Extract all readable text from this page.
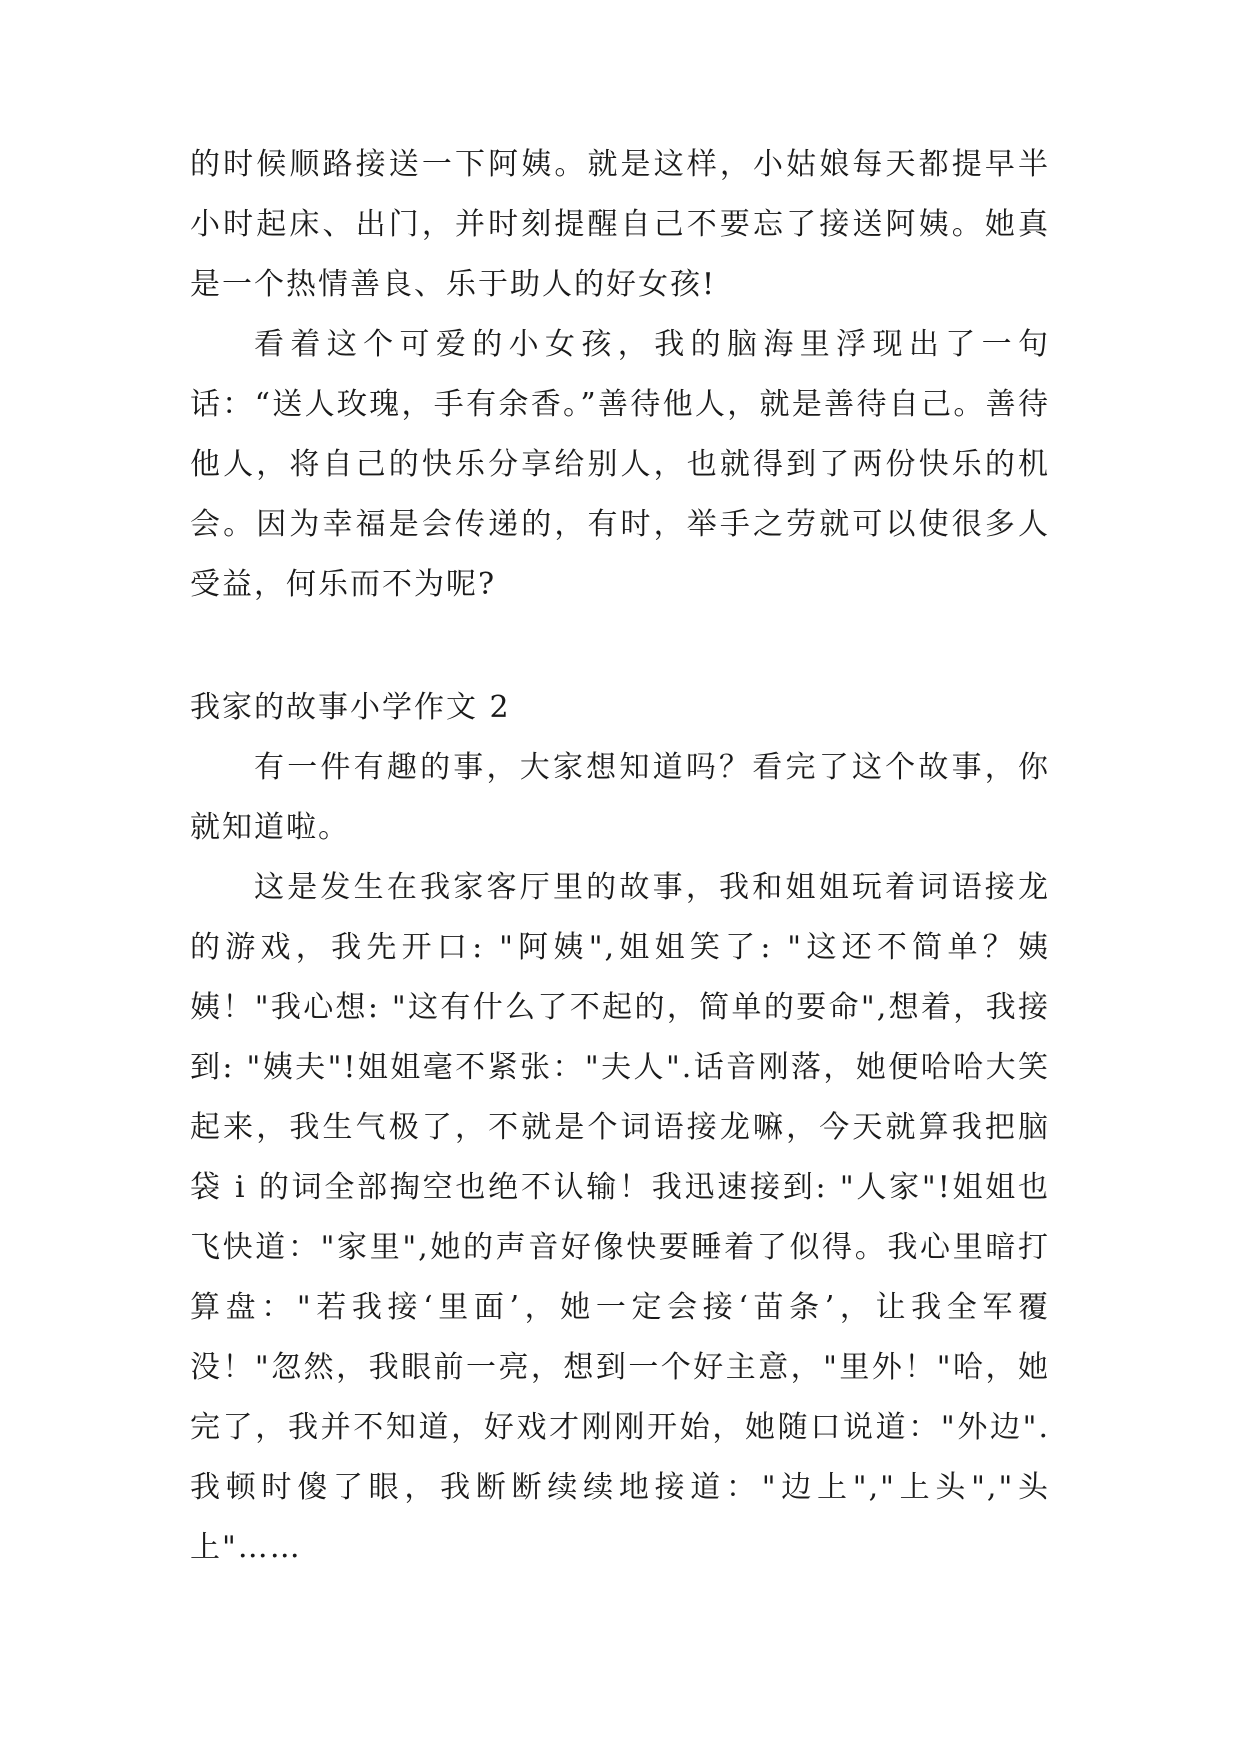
的时候顺路接送一下阿姨。就是这样，小姑娘每天都提早半小时起床、出门，并时刻提醒自己不要忘了接送阿姨。她真是一个热情善良、乐于助人的好女孩!

看着这个可爱的小女孩，我的脑海里浮现出了一句话：“送人玫瑰，手有余香。”善待他人，就是善待自己。善待他人，将自己的快乐分享给别人，也就得到了两份快乐的机会。因为幸福是会传递的，有时，举手之劳就可以使很多人受益，何乐而不为呢?

我家的故事小学作文 2

有一件有趣的事，大家想知道吗？看完了这个故事，你就知道啦。

这是发生在我家客厅里的故事，我和姐姐玩着词语接龙的游戏，我先开口: "阿姨",姐姐笑了: "这还不简单？姨姨！"我心想: "这有什么了不起的，简单的要命",想着，我接到: "姨夫"!姐姐毫不紧张："夫人".话音刚落，她便哈哈大笑起来，我生气极了，不就是个词语接龙嘛，今天就算我把脑袋 i 的词全部掏空也绝不认输！我迅速接到: "人家"!姐姐也飞快道："家里",她的声音好像快要睡着了似得。我心里暗打算盘："若我接‘里面’，她一定会接‘苗条’，让我全军覆没！"忽然，我眼前一亮，想到一个好主意，"里外！"哈，她完了，我并不知道，好戏才刚刚开始，她随口说道："外边".我顿时傻了眼，我断断续续地接道："边上","上头","头上"……
